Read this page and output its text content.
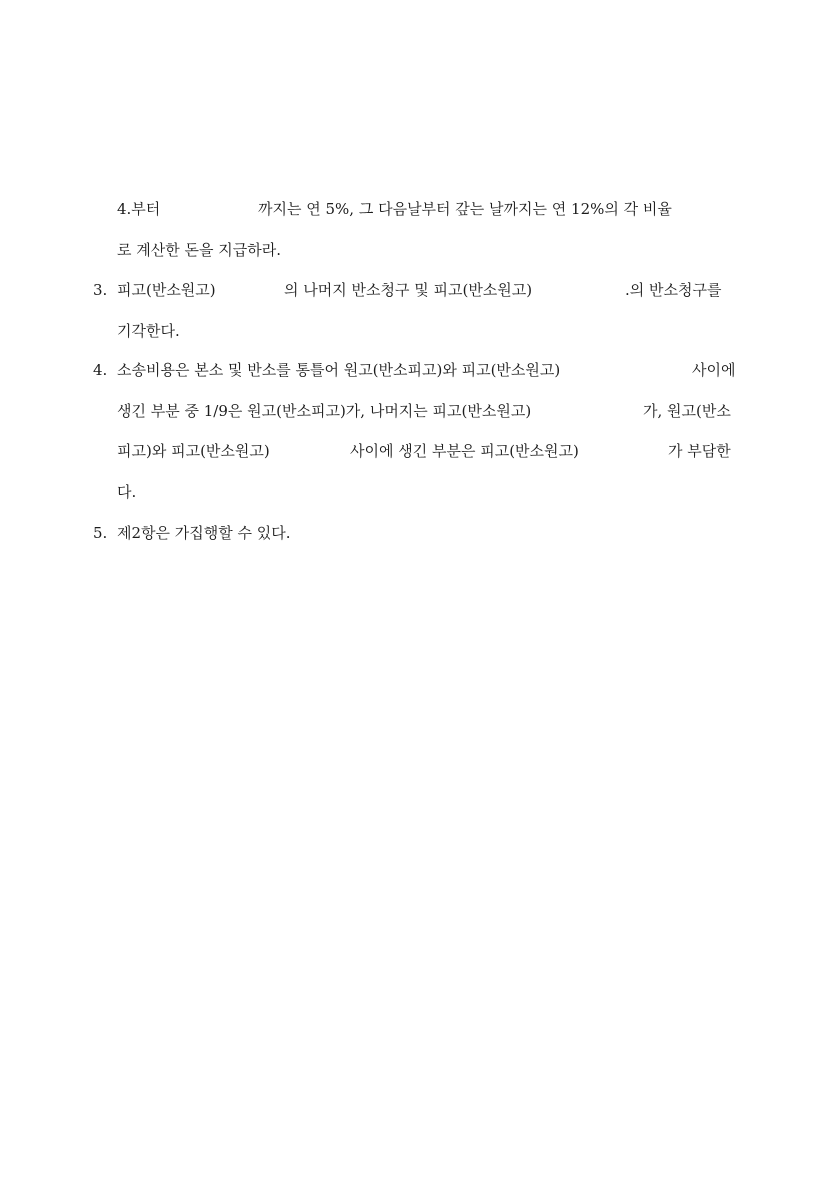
4.부터	까지는 연 5%, 그 다음날부터 갚는 날까지는 연 12%의 각 비율
로 계산한 돈을 지급하라.
3. 피고(반소원고)	의 나머지 반소청구 및 피고(반소원고)	.의 반소청구를
기각한다.
4. 소송비용은 본소 및 반소를 통틀어 원고(반소피고)와 피고(반소원고)	사이에
생긴 부분 중 1/9은 원고(반소피고)가, 나머지는 피고(반소원고)	가, 원고(반소
피고)와 피고(반소원고)	사이에 생긴 부분은 피고(반소원고)	가 부담한
다.
5. 제2항은 가집행할 수 있다.
